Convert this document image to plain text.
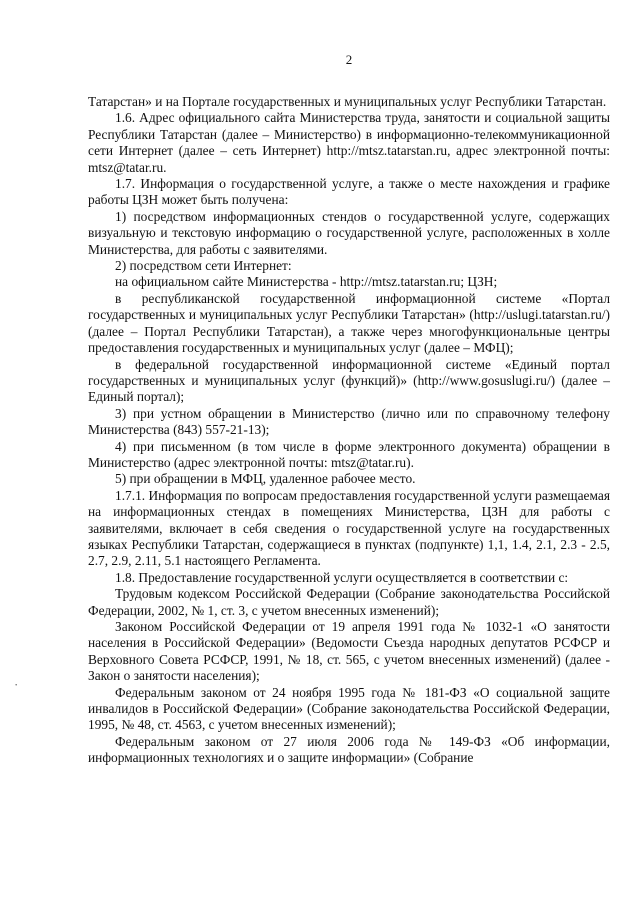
·
2

Татарстан» и на Портале государственных и муниципальных услуг Республики Татарстан.

1.6. Адрес официального сайта Министерства труда, занятости и социальной защиты Республики Татарстан (далее – Министерство) в информационно-телекоммуникационной сети Интернет (далее – сеть Интернет) http://mtsz.tatarstan.ru, адрес электронной почты: mtsz@tatar.ru.

1.7. Информация о государственной услуге, а также о месте нахождения и графике работы ЦЗН может быть получена:

1) посредством информационных стендов о государственной услуге, содержащих визуальную и текстовую информацию о государственной услуге, расположенных в холле Министерства, для работы с заявителями.

2) посредством сети Интернет:

на официальном сайте Министерства - http://mtsz.tatarstan.ru; ЦЗН;

в республиканской государственной информационной системе «Портал государственных и муниципальных услуг Республики Татарстан» (http://uslugi.tatarstan.ru/) (далее – Портал Республики Татарстан), а также через многофункциональные центры предоставления государственных и муниципальных услуг (далее – МФЦ);

в федеральной государственной информационной системе «Единый портал государственных и муниципальных услуг (функций)» (http://www.gosuslugi.ru/) (далее – Единый портал);

3) при устном обращении в Министерство (лично или по справочному телефону Министерства (843) 557-21-13);

4) при письменном (в том числе в форме электронного документа) обращении в Министерство (адрес электронной почты: mtsz@tatar.ru).

5) при обращении в МФЦ, удаленное рабочее место.

1.7.1. Информация по вопросам предоставления государственной услуги размещаемая на информационных стендах в помещениях Министерства, ЦЗН для работы с заявителями, включает в себя сведения о государственной услуге на государственных языках Республики Татарстан, содержащиеся в пунктах (подпункте) 1,1, 1.4, 2.1, 2.3 - 2.5, 2.7, 2.9, 2.11, 5.1 настоящего Регламента.

1.8. Предоставление государственной услуги осуществляется в соответствии с:

Трудовым кодексом Российской Федерации (Собрание законодательства Российской Федерации, 2002, № 1, ст. 3, с учетом внесенных изменений);

Законом Российской Федерации от 19 апреля 1991 года № 1032-1 «О занятости населения в Российской Федерации» (Ведомости Съезда народных депутатов РСФСР и Верховного Совета РСФСР, 1991, № 18, ст. 565, с учетом внесенных изменений) (далее - Закон о занятости населения);

Федеральным законом от 24 ноября 1995 года № 181-ФЗ «О социальной защите инвалидов в Российской Федерации» (Собрание законодательства Российской Федерации, 1995, № 48, ст. 4563, с учетом внесенных изменений);

Федеральным законом от 27 июля 2006 года № 149-ФЗ «Об информации, информационных технологиях и о защите информации» (Собрание
